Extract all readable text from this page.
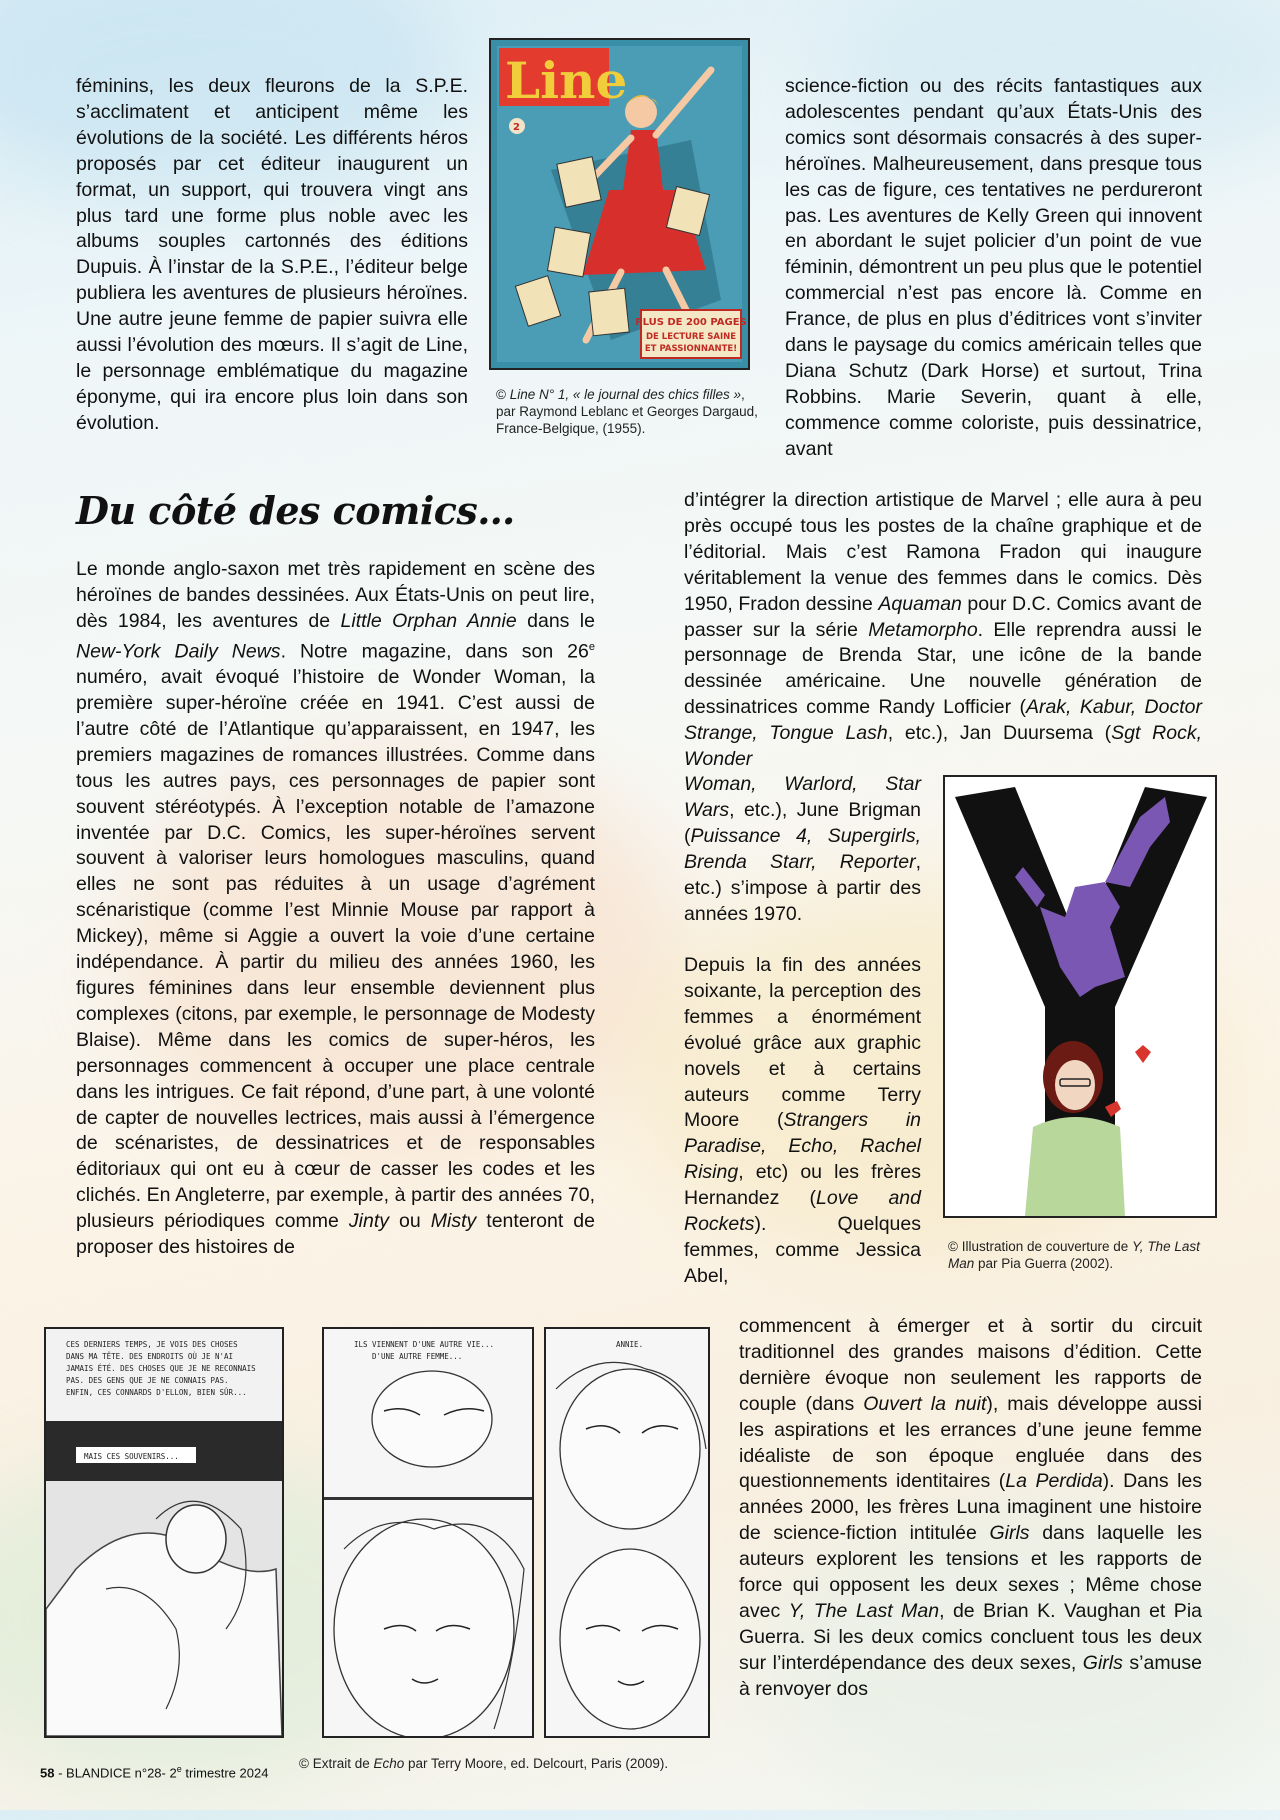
féminins, les deux fleurons de la S.P.E. s’acclimatent et anticipent même les évolutions de la société. Les différents héros proposés par cet éditeur inaugurent un format, un support, qui trouvera vingt ans plus tard une forme plus noble avec les albums souples cartonnés des éditions Dupuis. À l’instar de la S.P.E., l’éditeur belge publiera les aventures de plusieurs héroïnes. Une autre jeune femme de papier suivra elle aussi l’évolution des mœurs. Il s’agit de Line, le personnage emblématique du magazine éponyme, qui ira encore plus loin dans son évolution.

Line
2
PLUS DE 200 PAGES
DE LECTURE SAINE
ET PASSIONNANTE!
© Line N° 1, « le journal des chics filles », par Raymond Leblanc et Georges Dargaud, France-Belgique, (1955).
Du côté des comics…

Le monde anglo-saxon met très rapidement en scène des héroïnes de bandes dessinées. Aux États-Unis on peut lire, dès 1984, les aventures de Little Orphan Annie dans le New-York Daily News. Notre magazine, dans son 26e numéro, avait évoqué l’histoire de Wonder Woman, la première super-héroïne créée en 1941. C’est aussi de l’autre côté de l’Atlantique qu’apparaissent, en 1947, les premiers magazines de romances illustrées. Comme dans tous les autres pays, ces personnages de papier sont souvent stéréotypés. À l’exception notable de l’amazone inventée par D.C. Comics, les super-héroïnes servent souvent à valoriser leurs homologues masculins, quand elles ne sont pas réduites à un usage d’agrément scénaristique (comme l’est Minnie Mouse par rapport à Mickey), même si Aggie a ouvert la voie d’une certaine indépendance. À partir du milieu des années 1960, les figures féminines dans leur ensemble deviennent plus complexes (citons, par exemple, le personnage de Modesty Blaise). Même dans les comics de super-héros, les personnages commencent à occuper une place centrale dans les intrigues. Ce fait répond, d’une part, à une volonté de capter de nouvelles lectrices, mais aussi à l’émergence de scénaristes, de dessinatrices et de responsables éditoriaux qui ont eu à cœur de casser les codes et les clichés. En Angleterre, par exemple, à partir des années 70, plusieurs périodiques comme Jinty ou Misty tenteront de proposer des histoires de

science-fiction ou des récits fantastiques aux adolescentes pendant qu’aux États-Unis des comics sont désormais consacrés à des super-héroïnes. Malheureusement, dans presque tous les cas de figure, ces tentatives ne perdureront pas. Les aventures de Kelly Green qui innovent en abordant le sujet policier d’un point de vue féminin, démontrent un peu plus que le potentiel commercial n’est pas encore là. Comme en France, de plus en plus d’éditrices vont s’inviter dans le paysage du comics américain telles que Diana Schutz (Dark Horse) et surtout, Trina Robbins. Marie Severin, quant à elle, commence comme coloriste, puis dessinatrice, avant

d’intégrer la direction artistique de Marvel ; elle aura à peu près occupé tous les postes de la chaîne graphique et de l’éditorial. Mais c’est Ramona Fradon qui inaugure véritablement la venue des femmes dans le comics. Dès 1950, Fradon dessine Aquaman pour D.C. Comics avant de passer sur la série Metamorpho. Elle reprendra aussi le personnage de Brenda Star, une icône de la bande dessinée américaine. Une nouvelle génération de dessinatrices comme Randy Lofficier (Arak, Kabur, Doctor Strange, Tongue Lash, etc.), Jan Duursema (Sgt Rock, Wonder

Woman, Warlord, Star Wars, etc.), June Brigman (Puissance 4, Supergirls, Brenda Starr, Reporter, etc.) s’impose à partir des années 1970.

Depuis la fin des années soixante, la perception des femmes a énormément évolué grâce aux graphic novels et à certains auteurs comme Terry Moore (Strangers in Paradise, Echo, Rachel Rising, etc) ou les frères Hernandez (Love and Rockets). Quelques femmes, comme Jessica Abel,

commencent à émerger et à sortir du circuit traditionnel des grandes maisons d’édition. Cette dernière évoque non seulement les rapports de couple (dans Ouvert la nuit), mais développe aussi les aspirations et les errances d’une jeune femme idéaliste de son époque engluée dans des questionnements identitaires (La Perdida). Dans les années 2000, les frères Luna imaginent une histoire de science-fiction intitulée Girls dans laquelle les auteurs explorent les tensions et les rapports de force qui opposent les deux sexes ; Même chose avec Y, The Last Man, de Brian K. Vaughan et Pia Guerra. Si les deux comics concluent tous les deux sur l’interdépendance des deux sexes, Girls s’amuse à renvoyer dos

© Illustration de couverture de Y, The Last Man par Pia Guerra (2002).
CES DERNIERS TEMPS, JE VOIS DES CHOSES
DANS MA TÊTE. DES ENDROITS OÙ JE N'AI
JAMAIS ÉTÉ. DES CHOSES QUE JE NE RECONNAIS
PAS. DES GENS QUE JE NE CONNAIS PAS.
ENFIN, CES CONNARDS D'ELLON, BIEN SÛR...
MAIS CES SOUVENIRS...
ILS VIENNENT D'UNE AUTRE VIE...
D'UNE AUTRE FEMME...
ANNIE.
© Extrait de Echo par Terry Moore, ed. Delcourt, Paris (2009).
58 - BLANDICE n°28- 2e trimestre 2024
